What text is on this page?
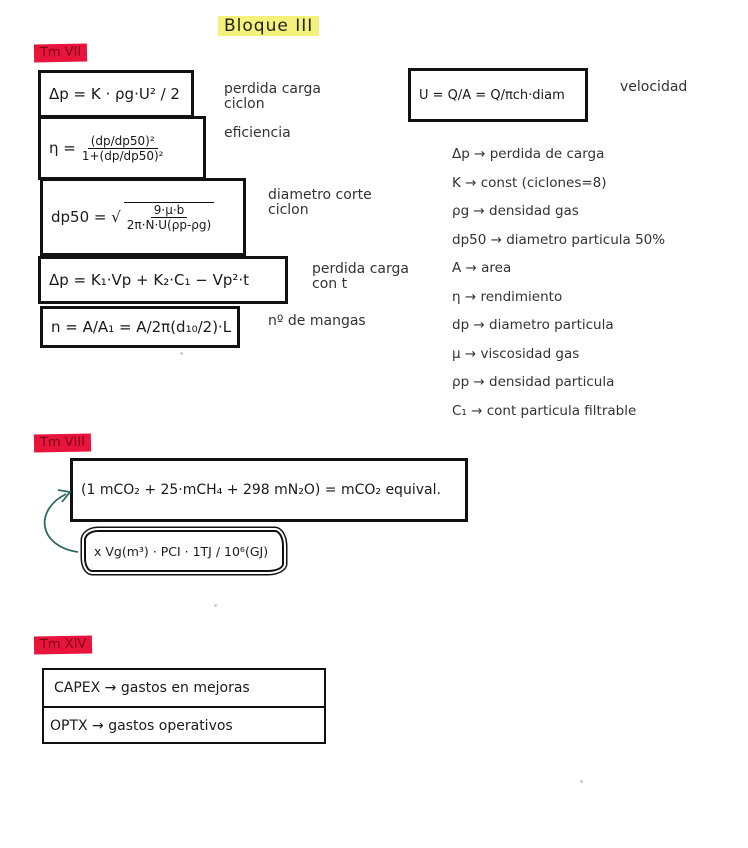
Bloque III
Tm VII
Δp = K · ρg·U² / 2	perdida carga ciclon
$\eta = \frac{\text{(dp/dp50)²}}{\text{1+(dp/dp50)²}}$
eficiencia
dp50 = √ $\frac{9\cdot\mu\cdot b}{2\pi\cdot N\cdot U(\rho p-\rho g)}$
diametro corte ciclon
Δp = K₁·Vp + K₂·C₁ − Vp²·t
perdida carga con t
n = A/A₁ = A/2π(d₁₀/2)·L	nº de mangas
U = Q/A = Q/πch·diam	velocidad
Δp → perdida de carga
K → const (ciclones=8)
ρg → densidad gas
dp50 → diametro particula 50%
A → area
η → rendimiento
dp → diametro particula
μ → viscosidad gas
ρp → densidad particula
C₁ → cont particula filtrable
Tm VIII
(1 mCO₂ + 25·mCH₄ + 298 mN₂O) = mCO₂ equival.
x Vg(m³) · PCI · 1TJ / 10⁶(GJ)
Tm XIV
CAPEX → gastos en mejoras
OPTX → gastos operativos
